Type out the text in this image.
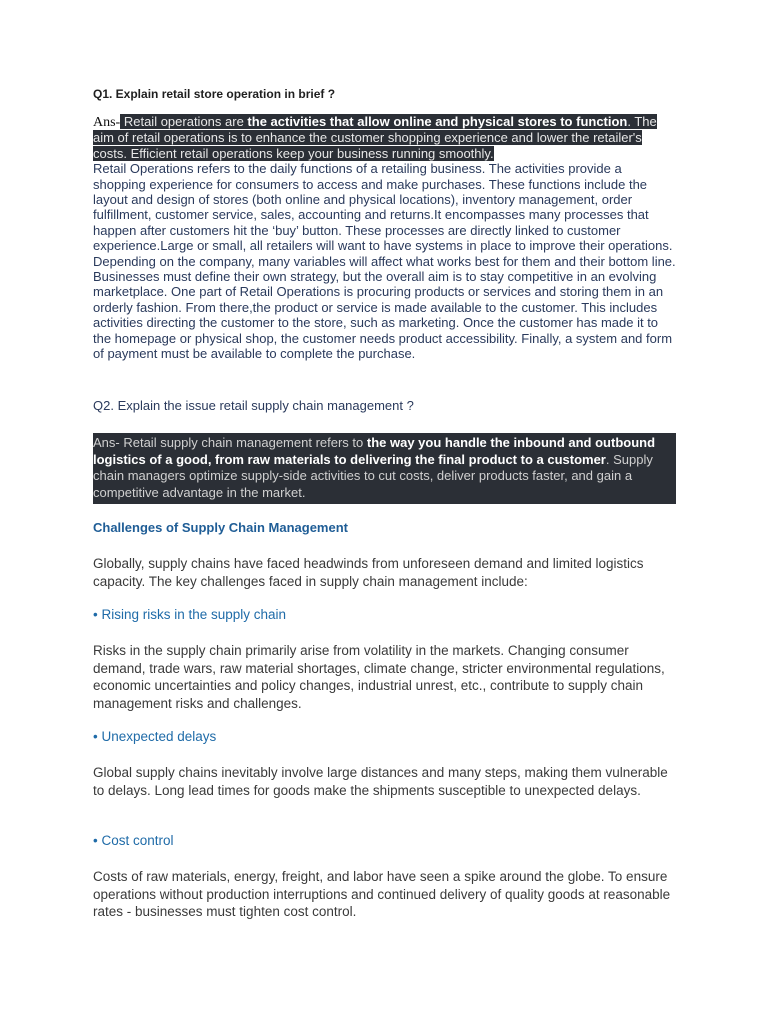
Q1. Explain retail store operation in brief ?
Ans- Retail operations are the activities that allow online and physical stores to function. The aim of retail operations is to enhance the customer shopping experience and lower the retailer's costs. Efficient retail operations keep your business running smoothly.
Retail Operations refers to the daily functions of a retailing business. The activities provide a shopping experience for consumers to access and make purchases. These functions include the layout and design of stores (both online and physical locations), inventory management, order fulfillment, customer service, sales, accounting and returns.It encompasses many processes that happen after customers hit the ‘buy’ button. These processes are directly linked to customer experience.Large or small, all retailers will want to have systems in place to improve their operations. Depending on the company, many variables will affect what works best for them and their bottom line. Businesses must define their own strategy, but the overall aim is to stay competitive in an evolving marketplace. One part of Retail Operations is procuring products or services and storing them in an orderly fashion. From there,the product or service is made available to the customer. This includes activities directing the customer to the store, such as marketing. Once the customer has made it to the homepage or physical shop, the customer needs product accessibility. Finally, a system and form of payment must be available to complete the purchase.
Q2. Explain the issue retail supply chain management ?
Ans- Retail supply chain management refers to the way you handle the inbound and outbound logistics of a good, from raw materials to delivering the final product to a customer. Supply chain managers optimize supply-side activities to cut costs, deliver products faster, and gain a competitive advantage in the market.
Challenges of Supply Chain Management
Globally, supply chains have faced headwinds from unforeseen demand and limited logistics capacity. The key challenges faced in supply chain management include:
• Rising risks in the supply chain
Risks in the supply chain primarily arise from volatility in the markets. Changing consumer demand, trade wars, raw material shortages, climate change, stricter environmental regulations, economic uncertainties and policy changes, industrial unrest, etc., contribute to supply chain management risks and challenges.
• Unexpected delays
Global supply chains inevitably involve large distances and many steps, making them vulnerable to delays. Long lead times for goods make the shipments susceptible to unexpected delays.
• Cost control
Costs of raw materials, energy, freight, and labor have seen a spike around the globe. To ensure operations without production interruptions and continued delivery of quality goods at reasonable rates - businesses must tighten cost control.
